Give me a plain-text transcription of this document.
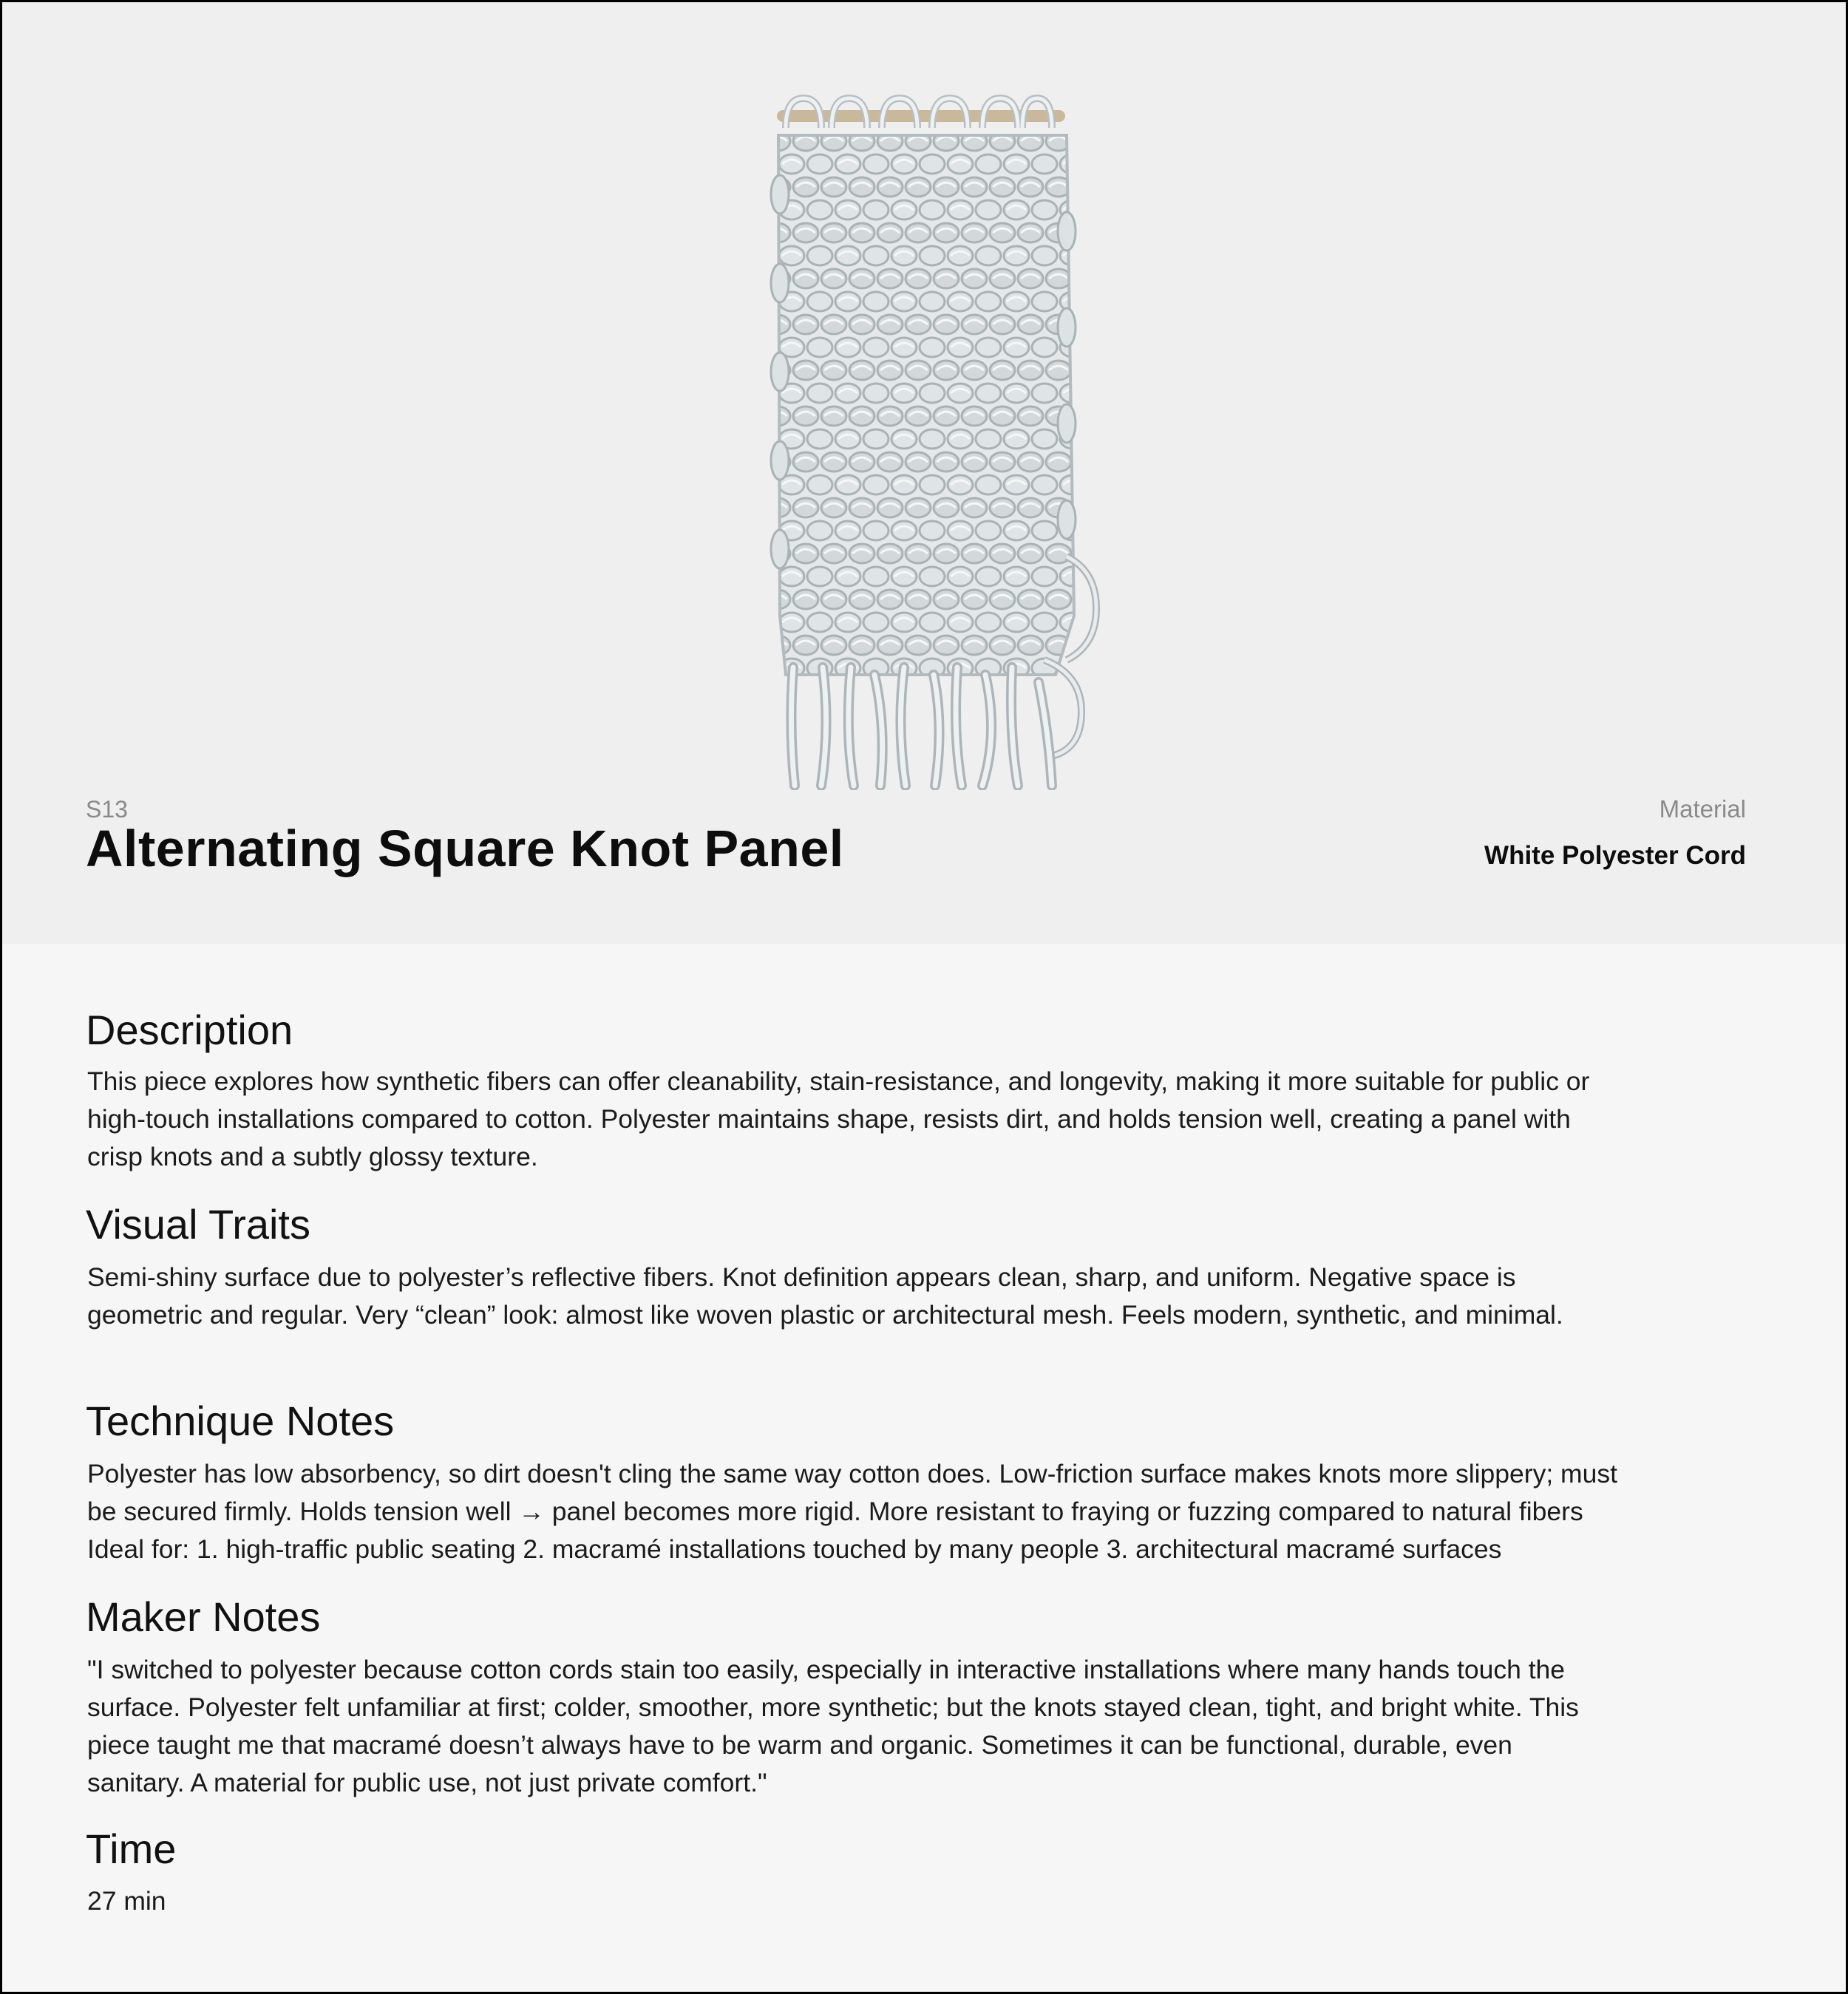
S13
Alternating Square Knot Panel
Material
White Polyester Cord
Description

This piece explores how synthetic fibers can offer cleanability, stain-resistance, and longevity, making it more suitable for public or
high-touch installations compared to cotton. Polyester maintains shape, resists dirt, and holds tension well, creating a panel with
crisp knots and a subtly glossy texture.

Visual Traits

Semi-shiny surface due to polyester’s reflective fibers. Knot definition appears clean, sharp, and uniform. Negative space is
geometric and regular. Very “clean” look: almost like woven plastic or architectural mesh. Feels modern, synthetic, and minimal.

Technique Notes

Polyester has low absorbency, so dirt doesn't cling the same way cotton does. Low-friction surface makes knots more slippery; must
be secured firmly. Holds tension well → panel becomes more rigid. More resistant to fraying or fuzzing compared to natural fibers
Ideal for: 1. high-traffic public seating 2. macramé installations touched by many people 3. architectural macramé surfaces

Maker Notes

"I switched to polyester because cotton cords stain too easily, especially in interactive installations where many hands touch the
surface. Polyester felt unfamiliar at first; colder, smoother, more synthetic; but the knots stayed clean, tight, and bright white. This
piece taught me that macramé doesn’t always have to be warm and organic. Sometimes it can be functional, durable, even
sanitary. A material for public use, not just private comfort."

Time

27 min
